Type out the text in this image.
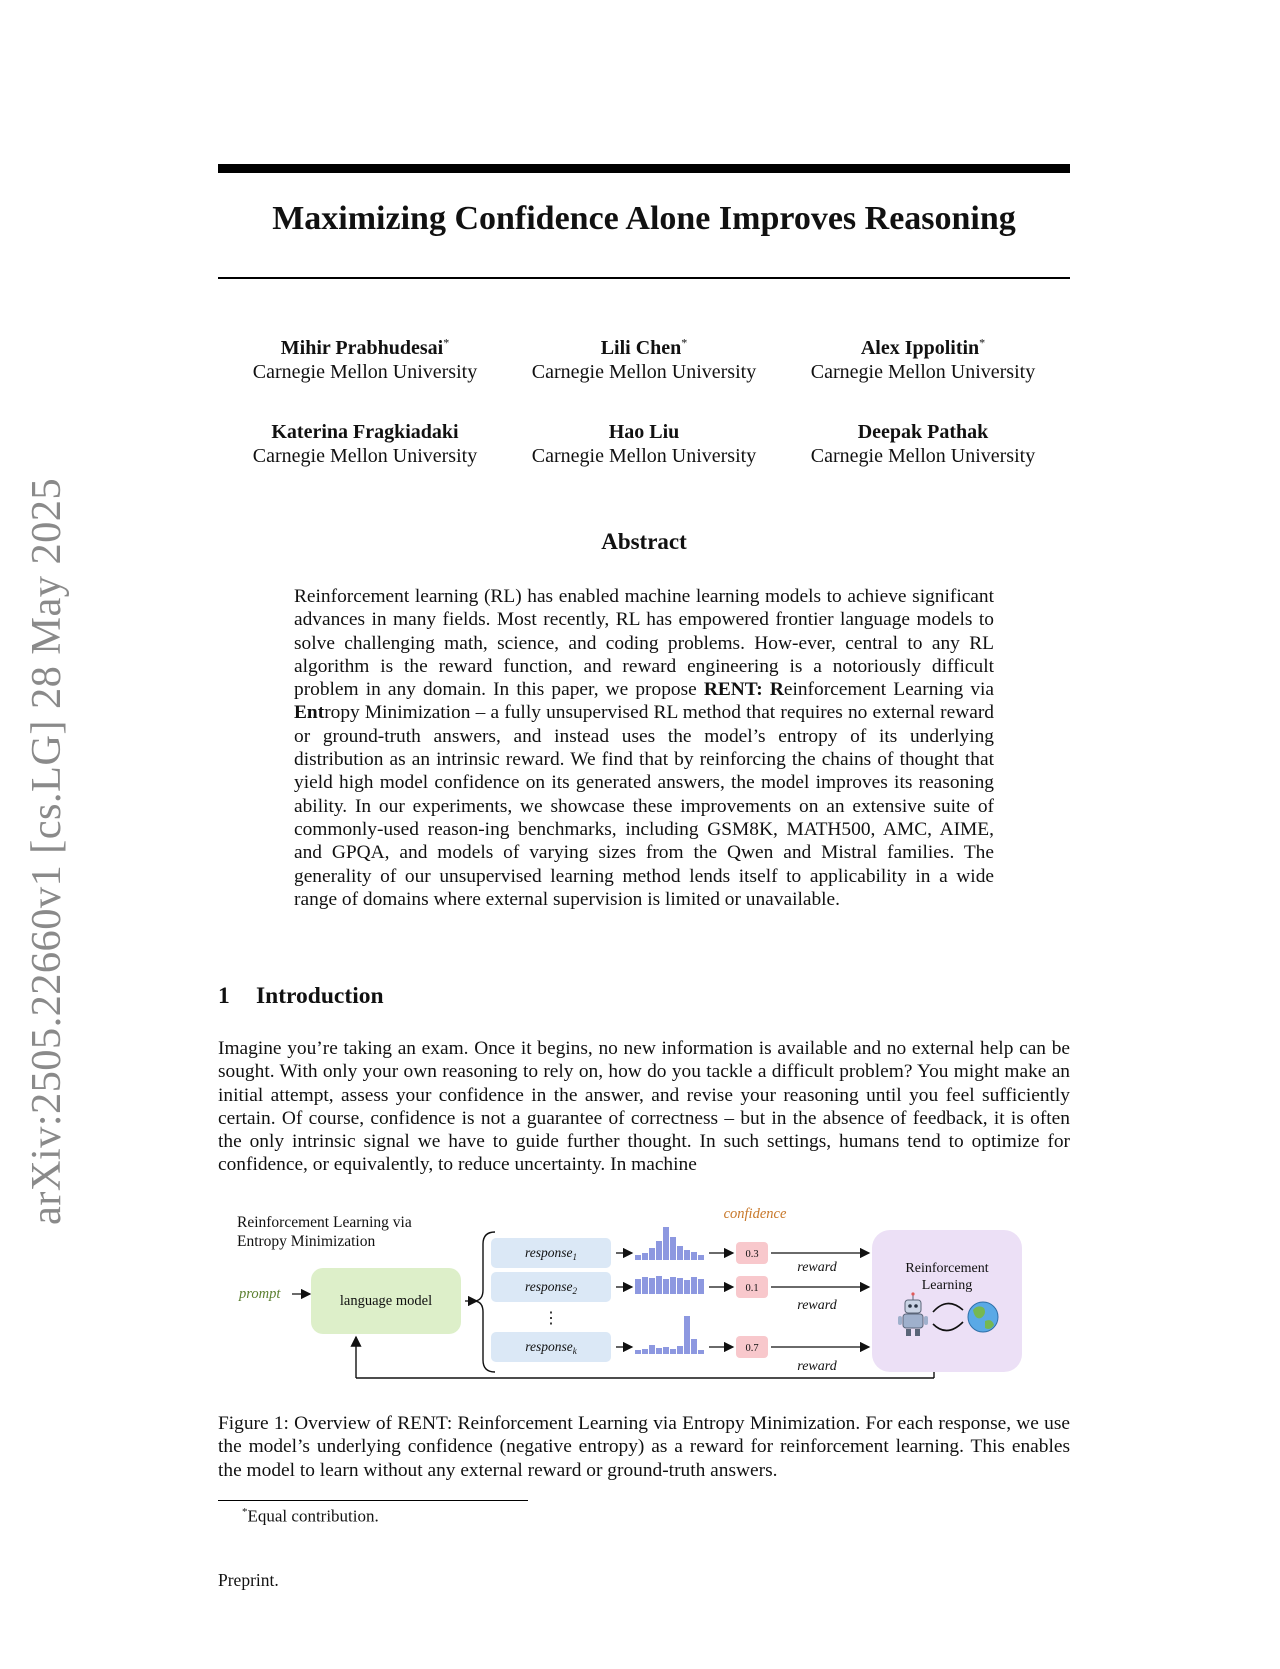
arXiv:2505.22660v1 [cs.LG] 28 May 2025
Maximizing Confidence Alone Improves Reasoning
Mihir Prabhudesai*
Carnegie Mellon University
Lili Chen*
Carnegie Mellon University
Alex Ippolitin*
Carnegie Mellon University
Katerina Fragkiadaki
Carnegie Mellon University
Hao Liu
Carnegie Mellon University
Deepak Pathak
Carnegie Mellon University
Abstract

Reinforcement learning (RL) has enabled machine learning models to achieve significant advances in many fields. Most recently, RL has empowered frontier language models to solve challenging math, science, and coding problems. How-ever, central to any RL algorithm is the reward function, and reward engineering is a notoriously difficult problem in any domain. In this paper, we propose RENT: Reinforcement Learning via Entropy Minimization – a fully unsupervised RL method that requires no external reward or ground-truth answers, and instead uses the model’s entropy of its underlying distribution as an intrinsic reward. We find that by reinforcing the chains of thought that yield high model confidence on its generated answers, the model improves its reasoning ability. In our experiments, we showcase these improvements on an extensive suite of commonly-used reason-ing benchmarks, including GSM8K, MATH500, AMC, AIME, and GPQA, and models of varying sizes from the Qwen and Mistral families. The generality of our unsupervised learning method lends itself to applicability in a wide range of domains where external supervision is limited or unavailable.

1 Introduction

Imagine you’re taking an exam. Once it begins, no new information is available and no external help can be sought. With only your own reasoning to rely on, how do you tackle a difficult problem? You might make an initial attempt, assess your confidence in the answer, and revise your reasoning until you feel sufficiently certain. Of course, confidence is not a guarantee of correctness – but in the absence of feedback, it is often the only intrinsic signal we have to guide further thought. In such settings, humans tend to optimize for confidence, or equivalently, to reduce uncertainty. In machine

Reinforcement Learning via
Entropy Minimization
prompt	language model
response$_1$
response$_2$
⋮
response$_k$
confidence
0.3
0.1
0.7
reward
reward
reward
Reinforcement
Learning

Figure 1: Overview of RENT: Reinforcement Learning via Entropy Minimization. For each response, we use the model’s underlying confidence (negative entropy) as a reward for reinforcement learning. This enables the model to learn without any external reward or ground-truth answers.

*Equal contribution.
Preprint.
